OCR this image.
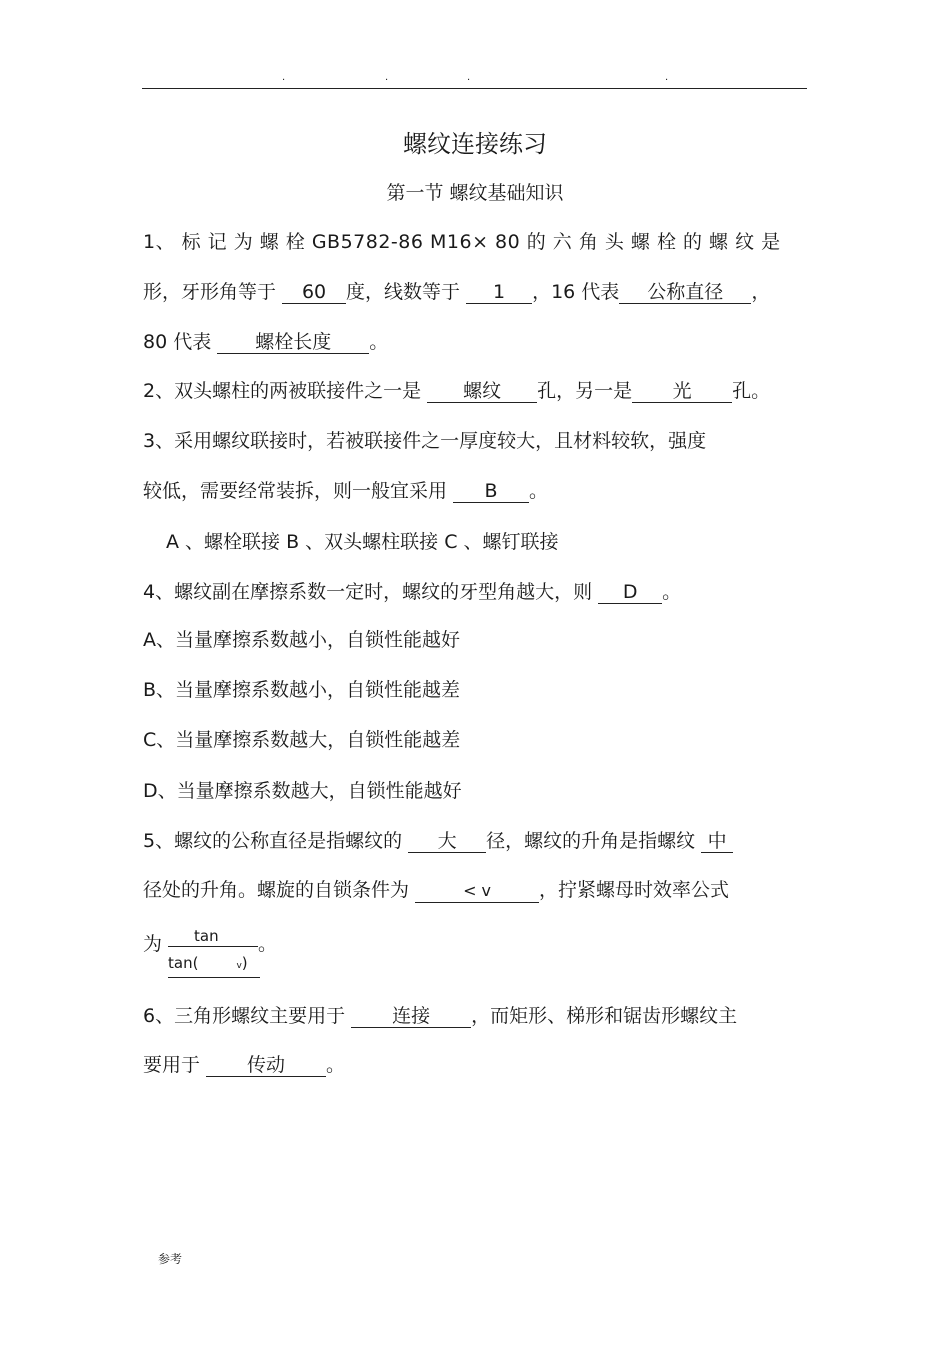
.	.	.	.
螺纹连接练习
第一节 螺纹基础知识
1、 标 记 为 螺 栓 GB5782-86 M16× 80 的 六 角 头 螺 栓 的 螺 纹 是
形，牙形角等于 60 度，线数等于 1 ，16 代表 公称直径 ，
80 代表 螺栓长度 。
2、双头螺柱的两被联接件之一是 螺纹 孔，另一是 光 孔。
3、采用螺纹联接时，若被联接件之一厚度较大，且材料较软，强度
较低，需要经常装拆，则一般宜采用 B 。
A 、螺栓联接 B 、双头螺柱联接 C 、螺钉联接
4、螺纹副在摩擦系数一定时，螺纹的牙型角越大，则 D 。
A、当量摩擦系数越小，自锁性能越好
B、当量摩擦系数越小，自锁性能越差
C、当量摩擦系数越大，自锁性能越差
D、当量摩擦系数越大，自锁性能越好
5、螺纹的公称直径是指螺纹的 大 径，螺纹的升角是指螺纹 中
径处的升角。螺旋的自锁条件为	< v	，拧紧螺母时效率公式
为	tan
tan(	v)
。
6、三角形螺纹主要用于 连接 ，而矩形、梯形和锯齿形螺纹主
要用于 传动 。
参考
